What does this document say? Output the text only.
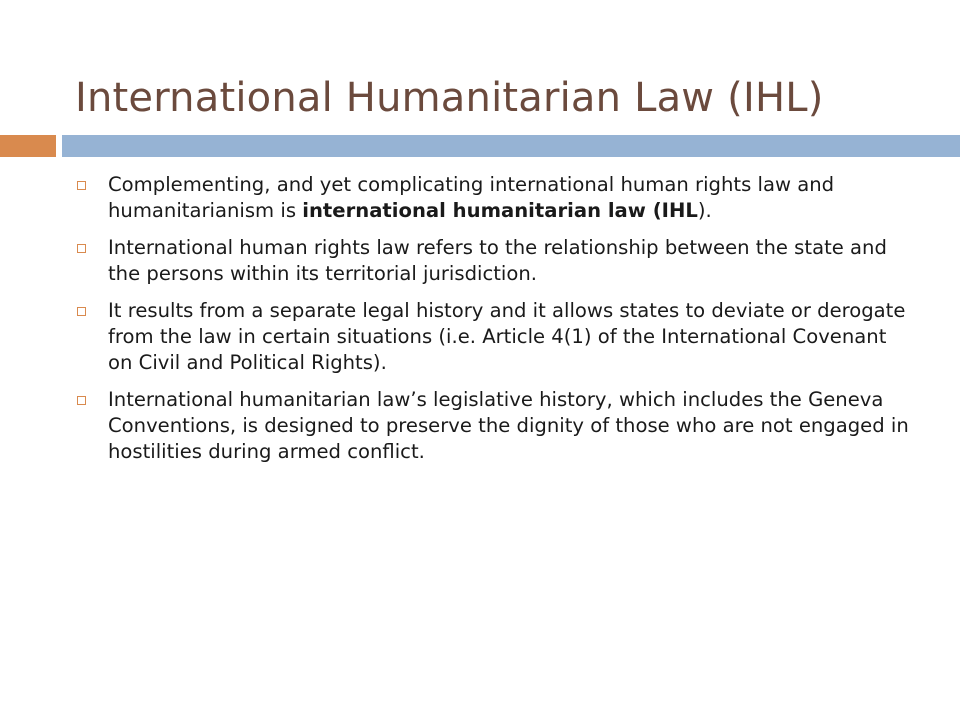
International Humanitarian Law (IHL)
Complementing, and yet complicating international human rights law and humanitarianism is international humanitarian law (IHL).
International human rights law refers to the relationship between the state and the persons within its territorial jurisdiction.
It results from a separate legal history and it allows states to deviate or derogate from the law in certain situations (i.e. Article 4(1) of the International Covenant on Civil and Political Rights).
International humanitarian law’s legislative history, which includes the Geneva Conventions, is designed to preserve the dignity of those who are not engaged in hostilities during armed conflict.
